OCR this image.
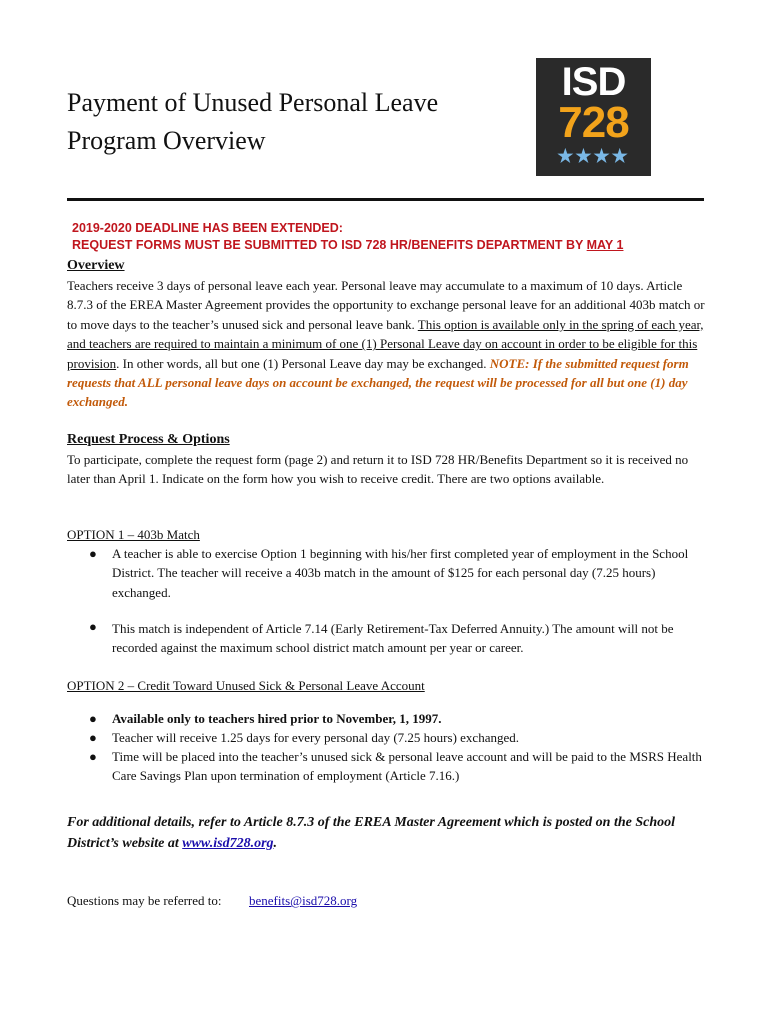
Payment of Unused Personal Leave
Program Overview
ISD
728
★★★★
2019-2020 DEADLINE HAS BEEN EXTENDED:
REQUEST FORMS MUST BE SUBMITTED TO ISD 728 HR/BENEFITS DEPARTMENT BY MAY 1
Overview
Teachers receive 3 days of personal leave each year. Personal leave may accumulate to a maximum of 10 days. Article 8.7.3 of the EREA Master Agreement provides the opportunity to exchange personal leave for an additional 403b match or to move days to the teacher’s unused sick and personal leave bank. This option is available only in the spring of each year, and teachers are required to maintain a minimum of one (1) Personal Leave day on account in order to be eligible for this provision. In other words, all but one (1) Personal Leave day may be exchanged. NOTE: If the submitted request form requests that ALL personal leave days on account be exchanged, the request will be processed for all but one (1) day exchanged.
Request Process & Options
To participate, complete the request form (page 2) and return it to ISD 728 HR/Benefits Department so it is received no later than April 1. Indicate on the form how you wish to receive credit. There are two options available.
OPTION 1 – 403b Match
● A teacher is able to exercise Option 1 beginning with his/her first completed year of employment in the School District. The teacher will receive a 403b match in the amount of $125 for each personal day (7.25 hours) exchanged.
● This match is independent of Article 7.14 (Early Retirement-Tax Deferred Annuity.) The amount will not be recorded against the maximum school district match amount per year or career.
OPTION 2 – Credit Toward Unused Sick & Personal Leave Account
● Available only to teachers hired prior to November, 1, 1997.
● Teacher will receive 1.25 days for every personal day (7.25 hours) exchanged.
● Time will be placed into the teacher’s unused sick & personal leave account and will be paid to the MSRS Health Care Savings Plan upon termination of employment (Article 7.16.)
For additional details, refer to Article 8.7.3 of the EREA Master Agreement which is posted on the School District’s website at www.isd728.org.
Questions may be referred to: benefits@isd728.org
